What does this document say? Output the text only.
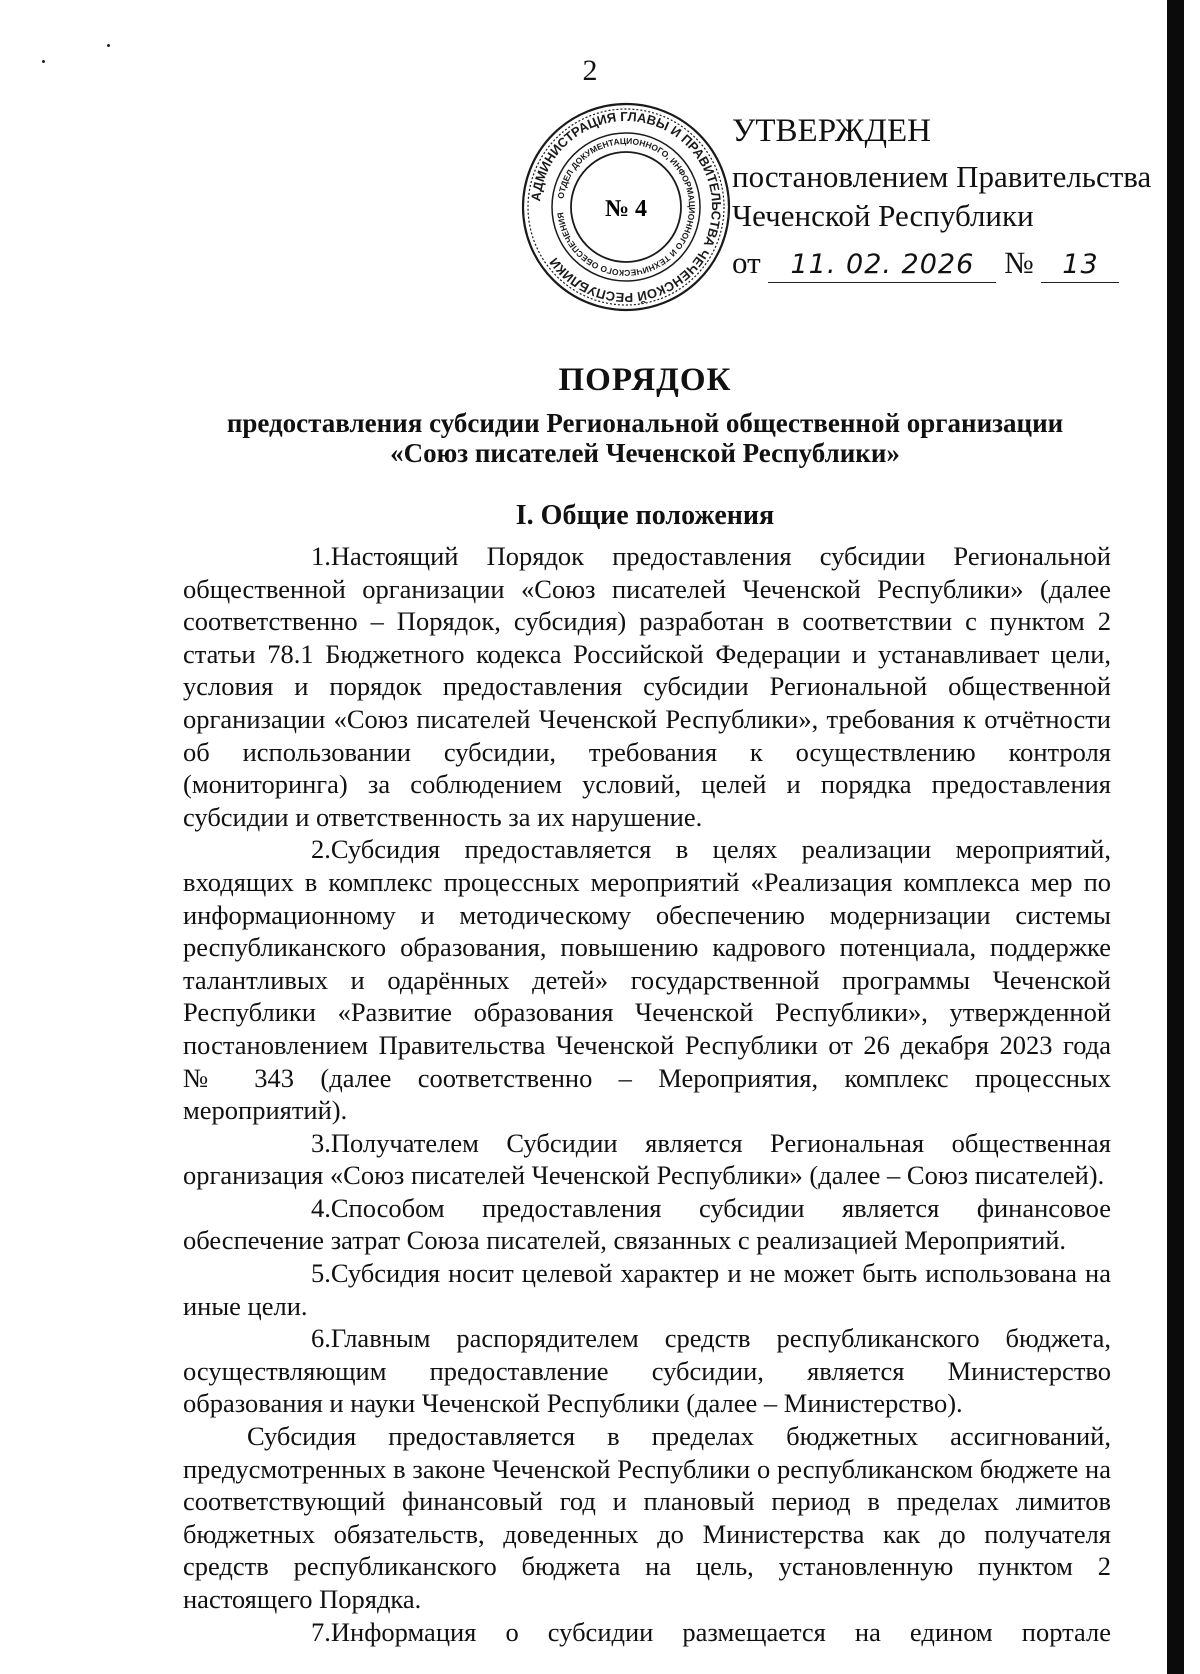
2
АДМИНИСТРАЦИЯ ГЛАВЫ И ПРАВИТЕЛЬСТВА ЧЕЧЕНСКОЙ РЕСПУБЛИКИ
ОТДЕЛ ДОКУМЕНТАЦИОННОГО, ИНФОРМАЦИОННОГО И ТЕХНИЧЕСКОГО ОБЕСПЕЧЕНИЯ	№ 4
УТВЕРЖДЕН
постановлением Правительства
Чеченской Республики
от 11. 02. 2026 № 13
ПОРЯДОК
предоставления субсидии Региональной общественной организации
«Союз писателей Чеченской Республики»
I. Общие положения

1.Настоящий Порядок предоставления субсидии Региональной общественной организации «Союз писателей Чеченской Республики» (далее соответственно – Порядок, субсидия) разработан в соответствии с пунктом 2 статьи 78.1 Бюджетного кодекса Российской Федерации и устанавливает цели, условия и порядок предоставления субсидии Региональной общественной организации «Союз писателей Чеченской Республики», требования к отчётности об использовании субсидии, требования к осуществлению контроля (мониторинга) за соблюдением условий, целей и порядка предоставления субсидии и ответственность за их нарушение.

2.Субсидия предоставляется в целях реализации мероприятий, входящих в комплекс процессных мероприятий «Реализация комплекса мер по информационному и методическому обеспечению модернизации системы республиканского образования, повышению кадрового потенциала, поддержке талантливых и одарённых детей» государственной программы Чеченской Республики «Развитие образования Чеченской Республики», утвержденной постановлением Правительства Чеченской Республики от 26 декабря 2023 года № 343 (далее соответственно – Мероприятия, комплекс процессных мероприятий).

3.Получателем Субсидии является Региональная общественная организация «Союз писателей Чеченской Республики» (далее – Союз писателей).

4.Способом предоставления субсидии является финансовое обеспечение затрат Союза писателей, связанных с реализацией Мероприятий.

5.Субсидия носит целевой характер и не может быть использована на иные цели.

6.Главным распорядителем средств республиканского бюджета, осуществляющим предоставление субсидии, является Министерство образования и науки Чеченской Республики (далее – Министерство).

Субсидия предоставляется в пределах бюджетных ассигнований, предусмотренных в законе Чеченской Республики о республиканском бюджете на соответствующий финансовый год и плановый период в пределах лимитов бюджетных обязательств, доведенных до Министерства как до получателя средств республиканского бюджета на цель, установленную пунктом 2 настоящего Порядка.

7.Информация о субсидии размещается на едином портале
